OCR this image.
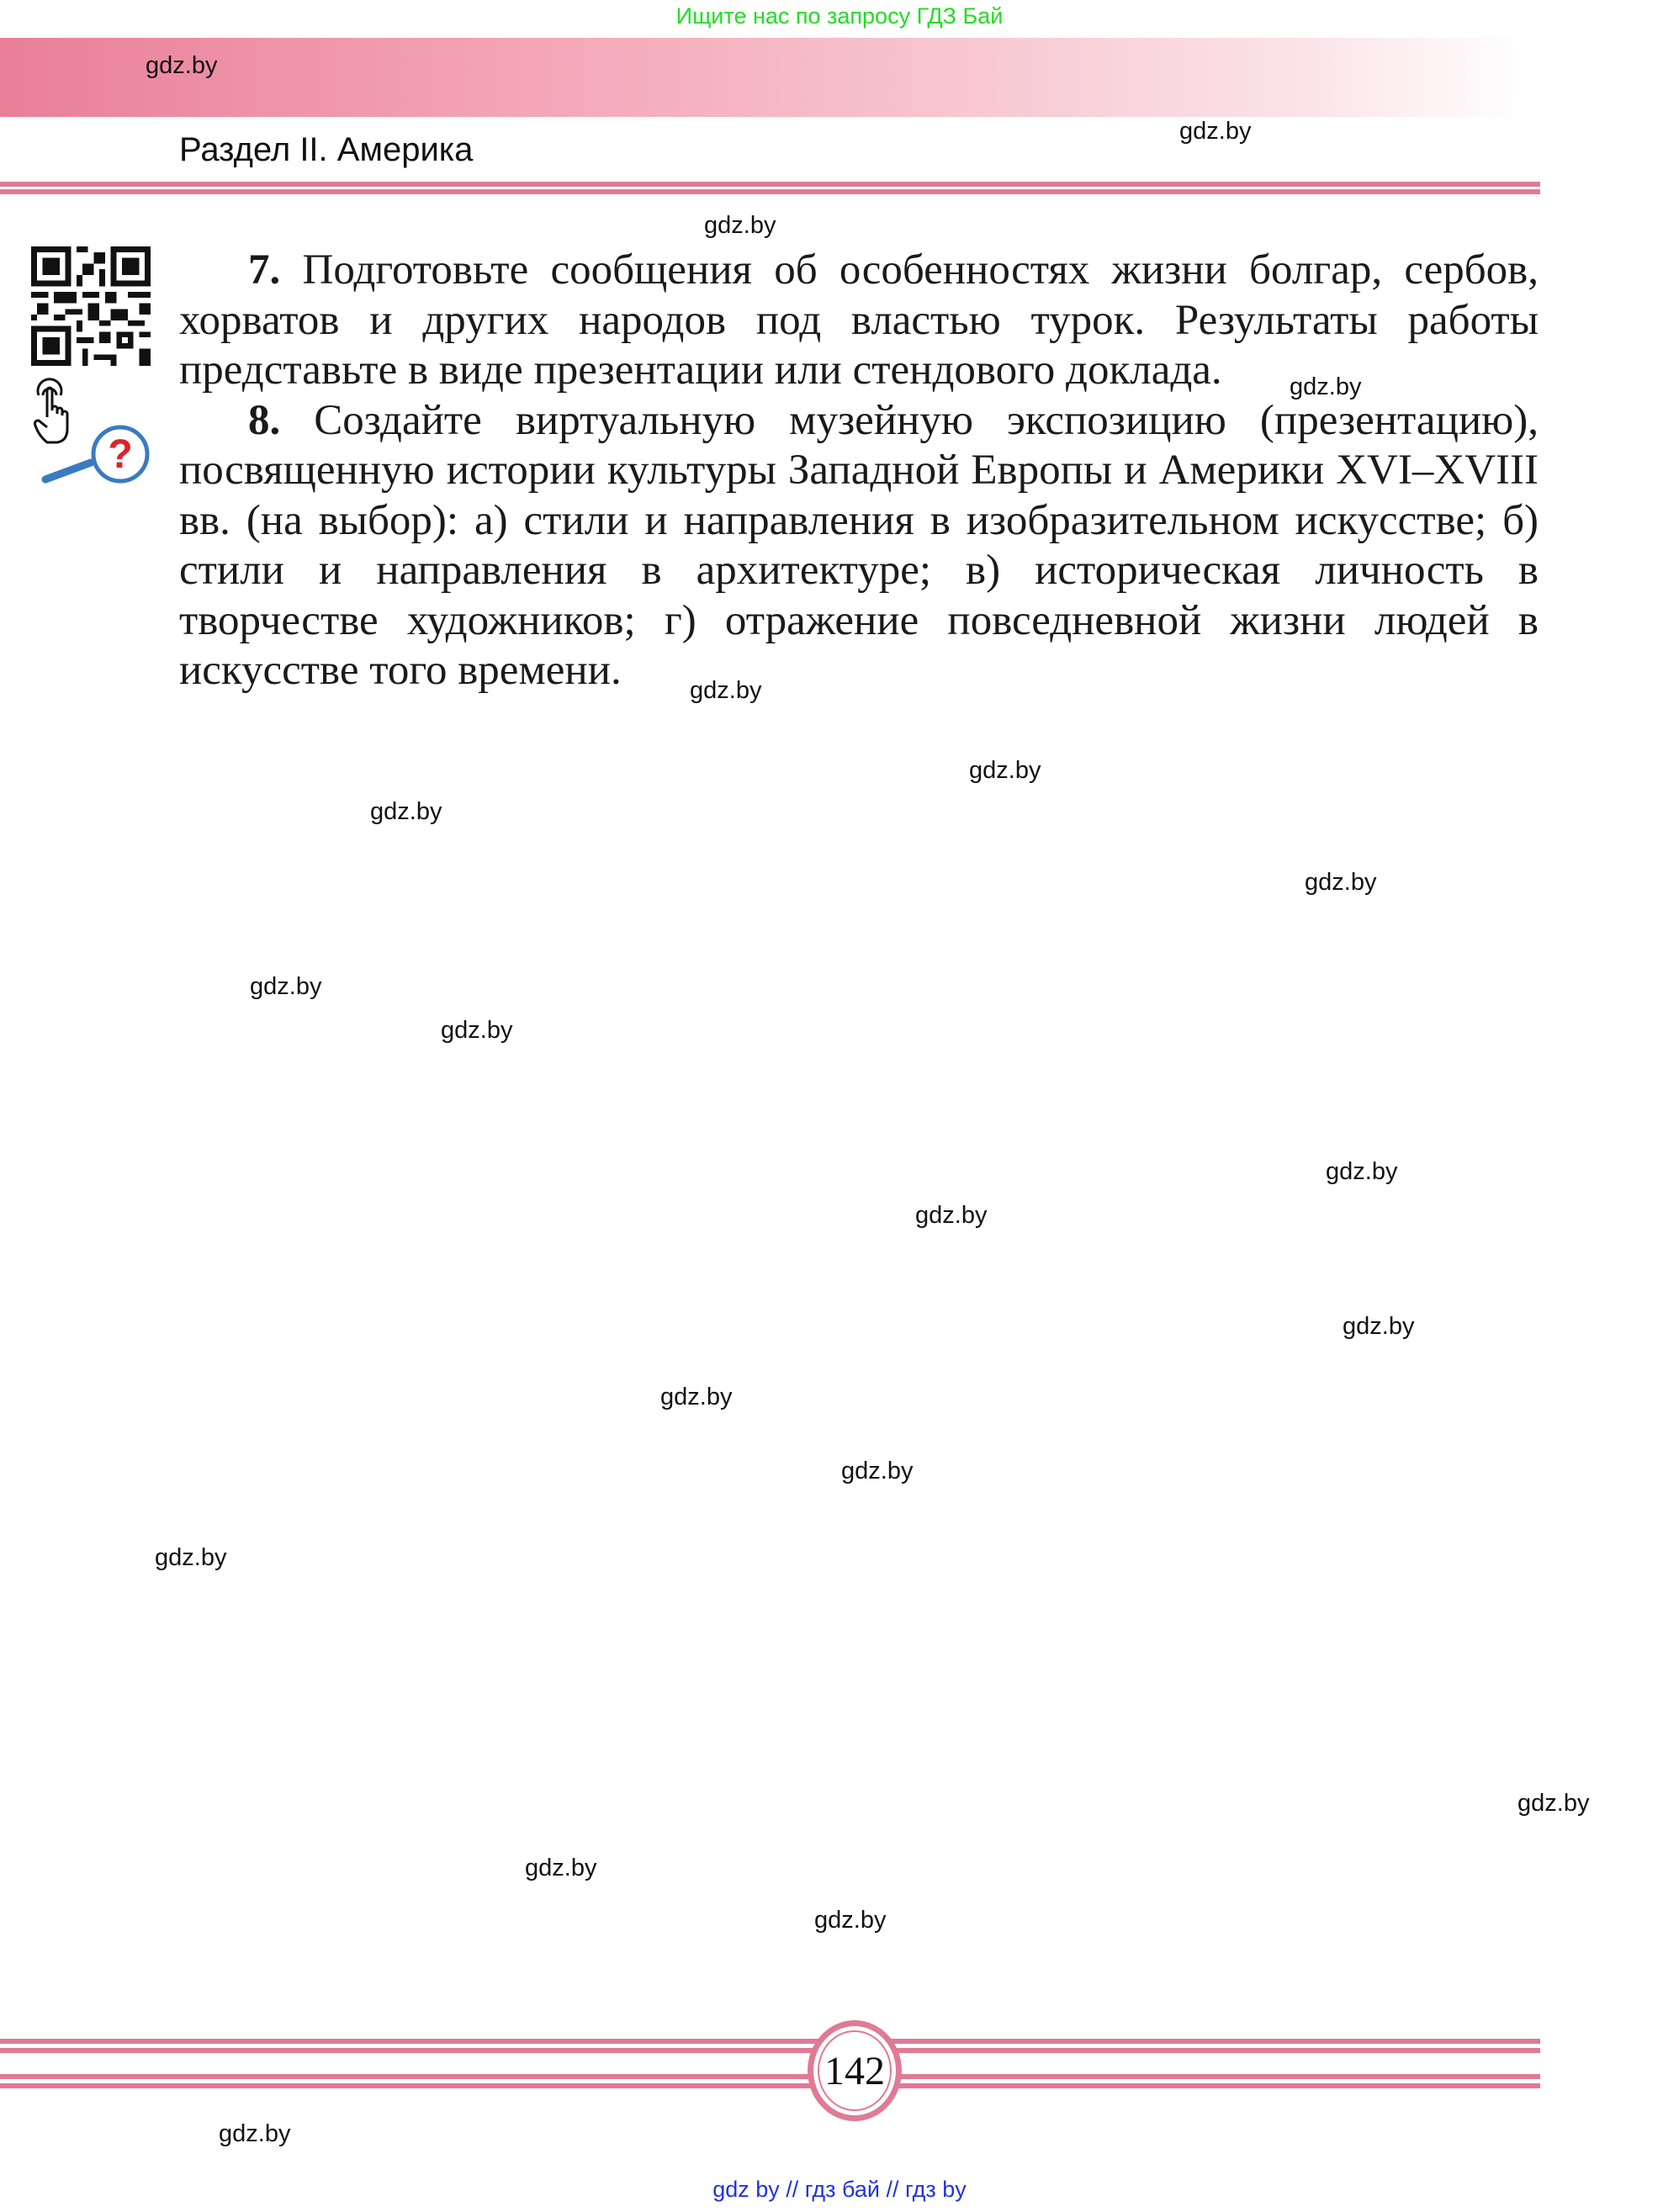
Ищите нас по запросу ГДЗ Бай
Раздел II. Америка
?

7. Подготовьте сообщения об особенностях жизни болгар, сербов, хорватов и других народов под властью турок. Результаты работы представьте в виде презентации или стендового доклада.

8. Создайте виртуальную музейную экспозицию (презентацию), посвященную истории культуры Западной Европы и Америки XVI–XVIII вв. (на выбор): а) стили и направления в изобразительном искусстве; б) стили и направления в архитектуре; в) историческая личность в творчестве художников; г) отражение повседневной жизни людей в искусстве того времени.

gdz.by
gdz.by
gdz.by
gdz.by
gdz.by
gdz.by
gdz.by
gdz.by
gdz.by
gdz.by
gdz.by
gdz.by
gdz.by
gdz.by
gdz.by
gdz.by
gdz.by
gdz.by
gdz.by
gdz.by
142
gdz by // гдз бай // гдз by
